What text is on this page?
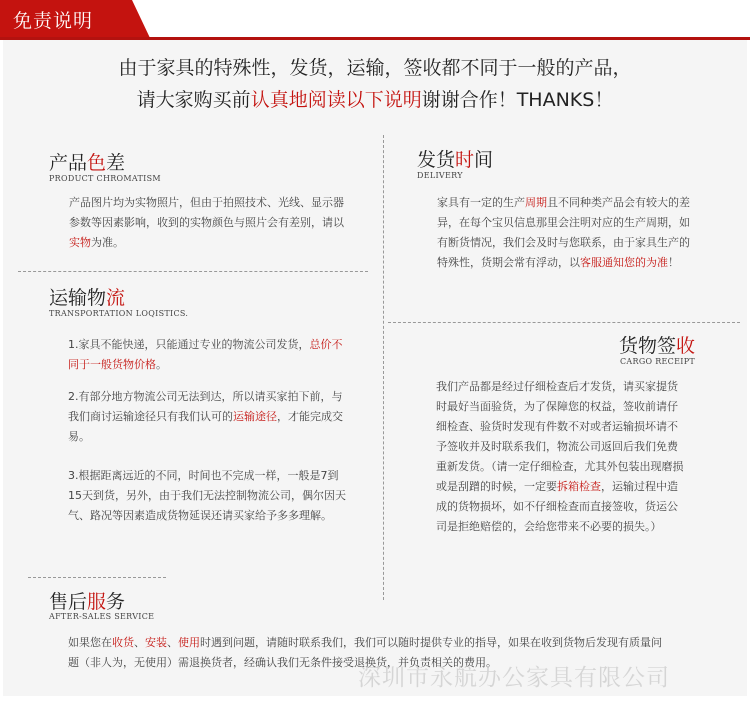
免责说明
由于家具的特殊性，发货，运输，签收都不同于一般的产品，
请大家购买前认真地阅读以下说明谢谢合作！THANKS！
产品色差
PRODUCT CHROMATISM
产品图片均为实物照片，但由于拍照技术、光线、显示器参数等因素影响，收到的实物颜色与照片会有差别，请以实物为准。
发货时间
DELIVERY
家具有一定的生产周期且不同种类产品会有较大的差异，在每个宝贝信息那里会注明对应的生产周期，如有断货情况，我们会及时与您联系，由于家具生产的特殊性，货期会常有浮动，以客服通知您的为准！
运输物流
TRANSPORTATION LOQISTICS.
1.家具不能快递，只能通过专业的物流公司发货，总价不同于一般货物价格。
2.有部分地方物流公司无法到达，所以请买家拍下前，与我们商讨运输途径只有我们认可的运输途径，才能完成交易。
3.根据距离远近的不同，时间也不完成一样，一般是7到15天到货，另外，由于我们无法控制物流公司，偶尔因天气、路况等因素造成货物延误还请买家给予多多理解。
货物签收
CARGO RECEIPT
我们产品都是经过仔细检查后才发货，请买家提货时最好当面验货，为了保障您的权益，签收前请仔细检查、验货时发现有件数不对或者运输损坏请不予签收并及时联系我们，物流公司返回后我们免费重新发货。（请一定仔细检查，尤其外包装出现磨损或是刮蹭的时候，一定要拆箱检查，运输过程中造成的货物损坏，如不仔细检查而直接签收，货运公司是拒绝赔偿的，会给您带来不必要的损失。）
售后服务
AFTER-SALES SERVICE
如果您在收货、安装、使用时遇到问题，请随时联系我们，我们可以随时提供专业的指导，如果在收到货物后发现有质量问题（非人为，无使用）需退换货者，经确认我们无条件接受退换货，并负责相关的费用。
深圳市永航办公家具有限公司
